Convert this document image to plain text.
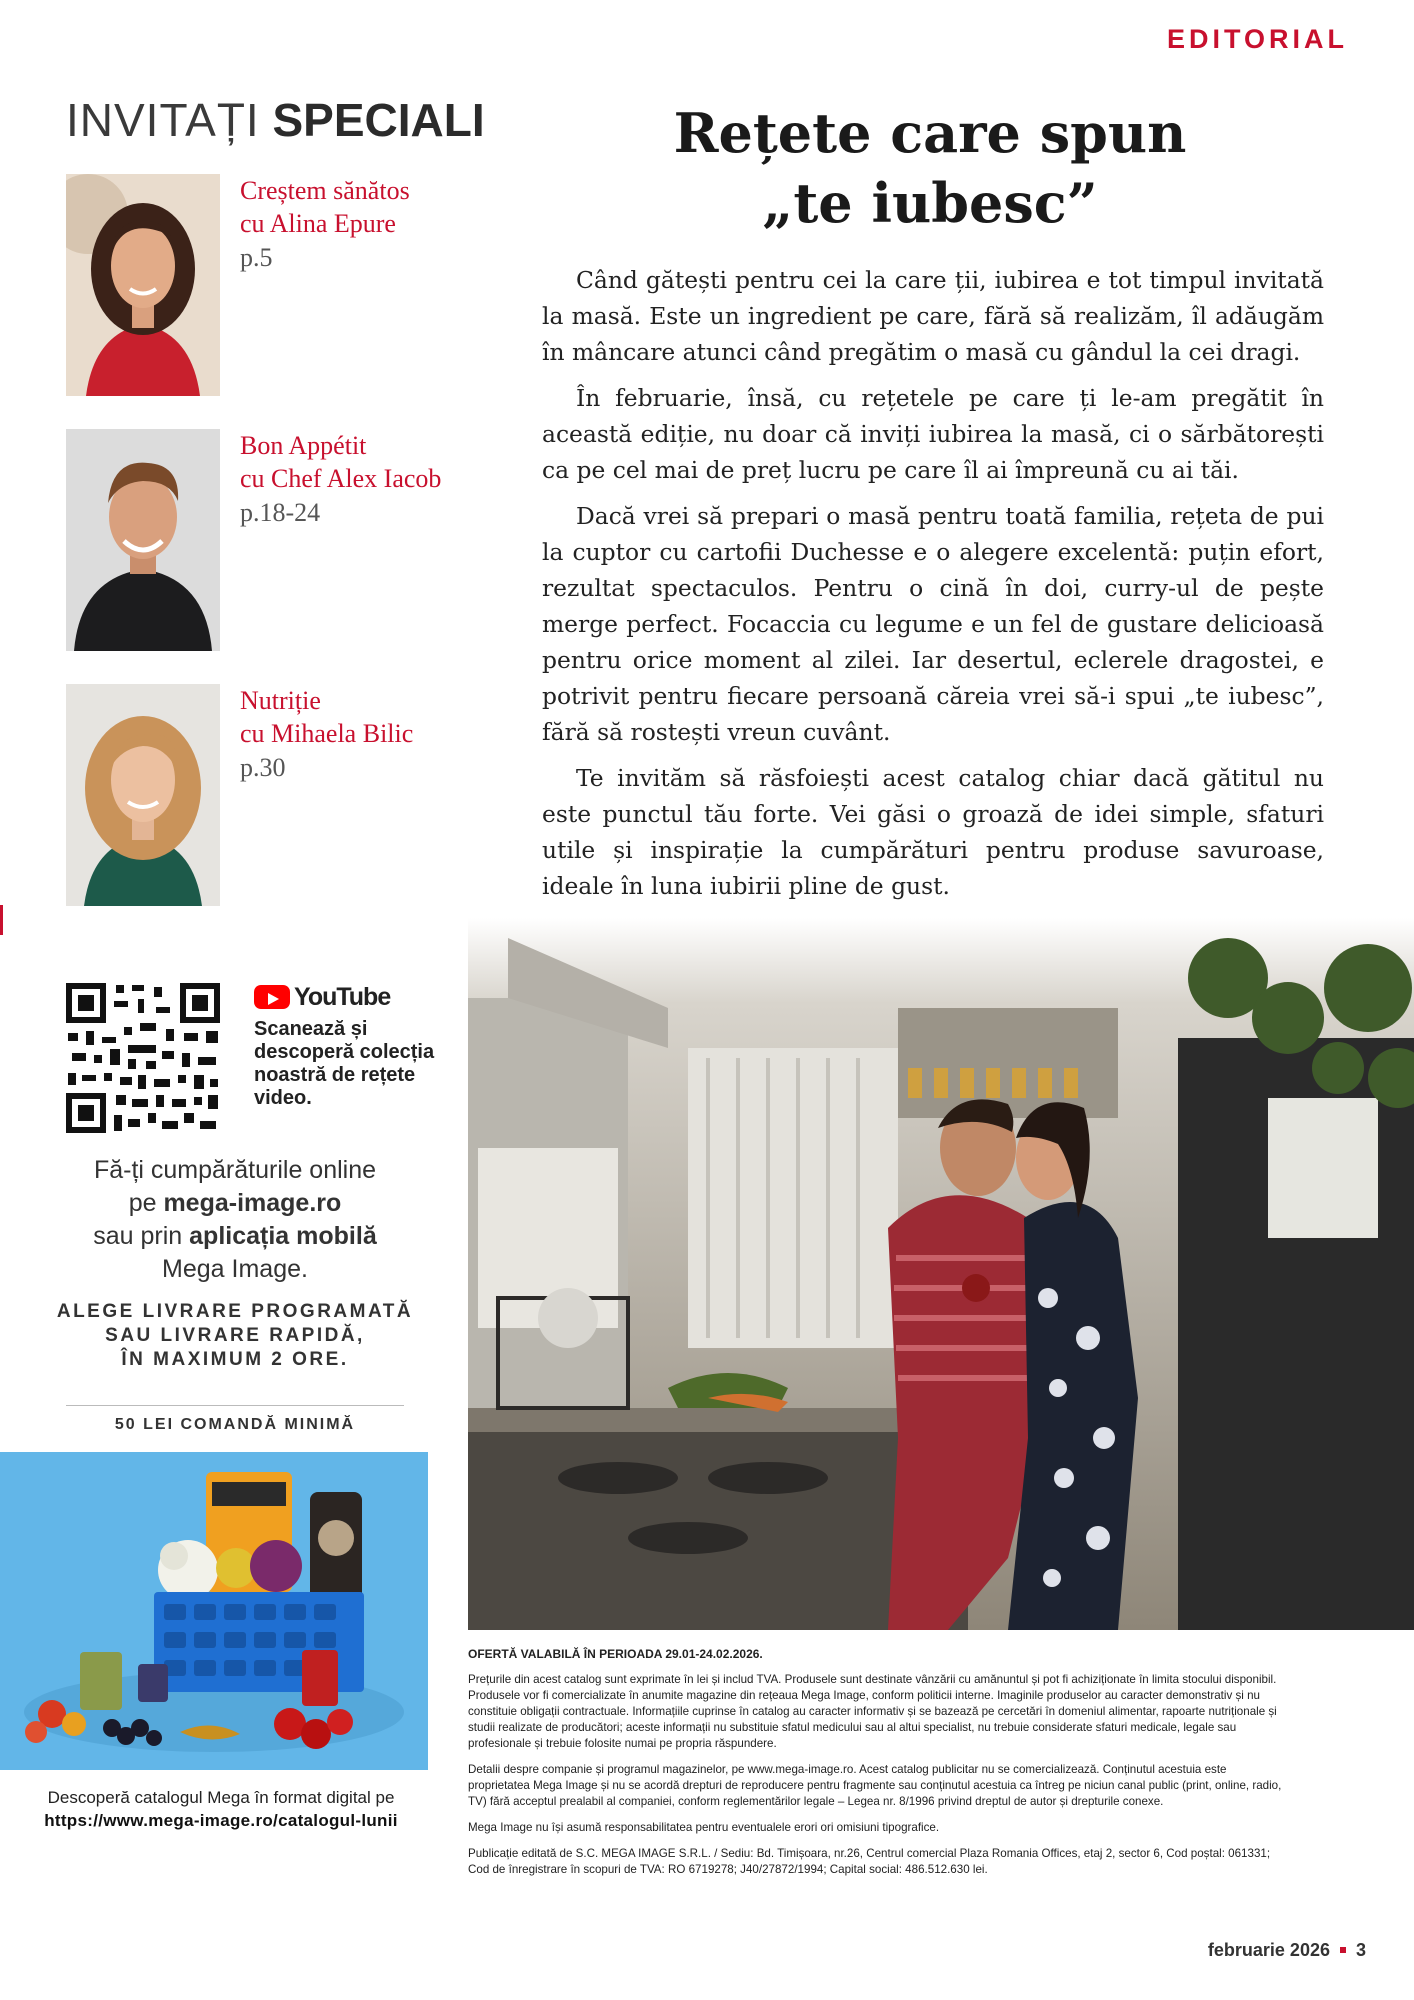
EDITORIAL
INVITAȚI SPECIALI
Creștem sănătos
cu Alina Epure
p.5
Bon Appétit
cu Chef Alex Iacob
p.18-24
Nutriție
cu Mihaela Bilic
p.30
YouTube
Scanează și descoperă colecția noastră de rețete video.
Fă-ți cumpărăturile online
pe mega-image.ro
sau prin aplicația mobilă
Mega Image.
ALEGE LIVRARE PROGRAMATĂ
SAU LIVRARE RAPIDĂ,
ÎN MAXIMUM 2 ORE.
50 LEI COMANDĂ MINIMĂ
Descoperă catalogul Mega în format digital pe
https://www.mega-image.ro/catalogul-lunii
Rețete care spun
„te iubesc”

Când gătești pentru cei la care ții, iubirea e tot timpul invitată la masă. Este un ingredient pe care, fără să realizăm, îl adăugăm în mâncare atunci când pregătim o masă cu gândul la cei dragi.

În februarie, însă, cu rețetele pe care ți le-am pregătit în această ediție, nu doar că inviți iubirea la masă, ci o sărbătorești ca pe cel mai de preț lucru pe care îl ai împreună cu ai tăi.

Dacă vrei să prepari o masă pentru toată familia, rețeta de pui la cuptor cu cartofii Duchesse e o alegere excelentă: puțin efort, rezultat spectaculos. Pentru o cină în doi, curry-ul de pește merge perfect. Focaccia cu legume e un fel de gustare delicioasă pentru orice moment al zilei. Iar desertul, eclerele dragostei, e potrivit pentru fiecare persoană căreia vrei să-i spui „te iubesc”, fără să rostești vreun cuvânt.

Te invităm să răsfoiești acest catalog chiar dacă gătitul nu este punctul tău forte. Vei găsi o groază de idei simple, sfaturi utile și inspirație la cumpărături pentru produse savuroase, ideale în luna iubirii pline de gust.

OFERTĂ VALABILĂ ÎN PERIOADA 29.01-24.02.2026.

Prețurile din acest catalog sunt exprimate în lei și includ TVA. Produsele sunt destinate vânzării cu amănuntul și pot fi achiziționate în limita stocului disponibil. Produsele vor fi comercializate în anumite magazine din rețeaua Mega Image, conform politicii interne. Imaginile produselor au caracter demonstrativ și nu constituie obligații contractuale. Informațiile cuprinse în catalog au caracter informativ și se bazează pe cercetări în domeniul alimentar, rapoarte nutriționale și studii realizate de producători; aceste informații nu substituie sfatul medicului sau al altui specialist, nu trebuie considerate sfaturi medicale, legale sau profesionale și trebuie folosite numai pe propria răspundere.

Detalii despre companie și programul magazinelor, pe www.mega-image.ro. Acest catalog publicitar nu se comercializează. Conținutul acestuia este proprietatea Mega Image și nu se acordă drepturi de reproducere pentru fragmente sau conținutul acestuia ca întreg pe niciun canal public (print, online, radio, TV) fără acceptul prealabil al companiei, conform reglementărilor legale – Legea nr. 8/1996 privind dreptul de autor și drepturile conexe.

Mega Image nu își asumă responsabilitatea pentru eventualele erori ori omisiuni tipografice.

Publicație editată de S.C. MEGA IMAGE S.R.L. / Sediu: Bd. Timișoara, nr.26, Centrul comercial Plaza Romania Offices, etaj 2, sector 6, Cod poștal: 061331; Cod de înregistrare în scopuri de TVA: RO 6719278; J40/27872/1994; Capital social: 486.512.630 lei.

februarie 2026 3
